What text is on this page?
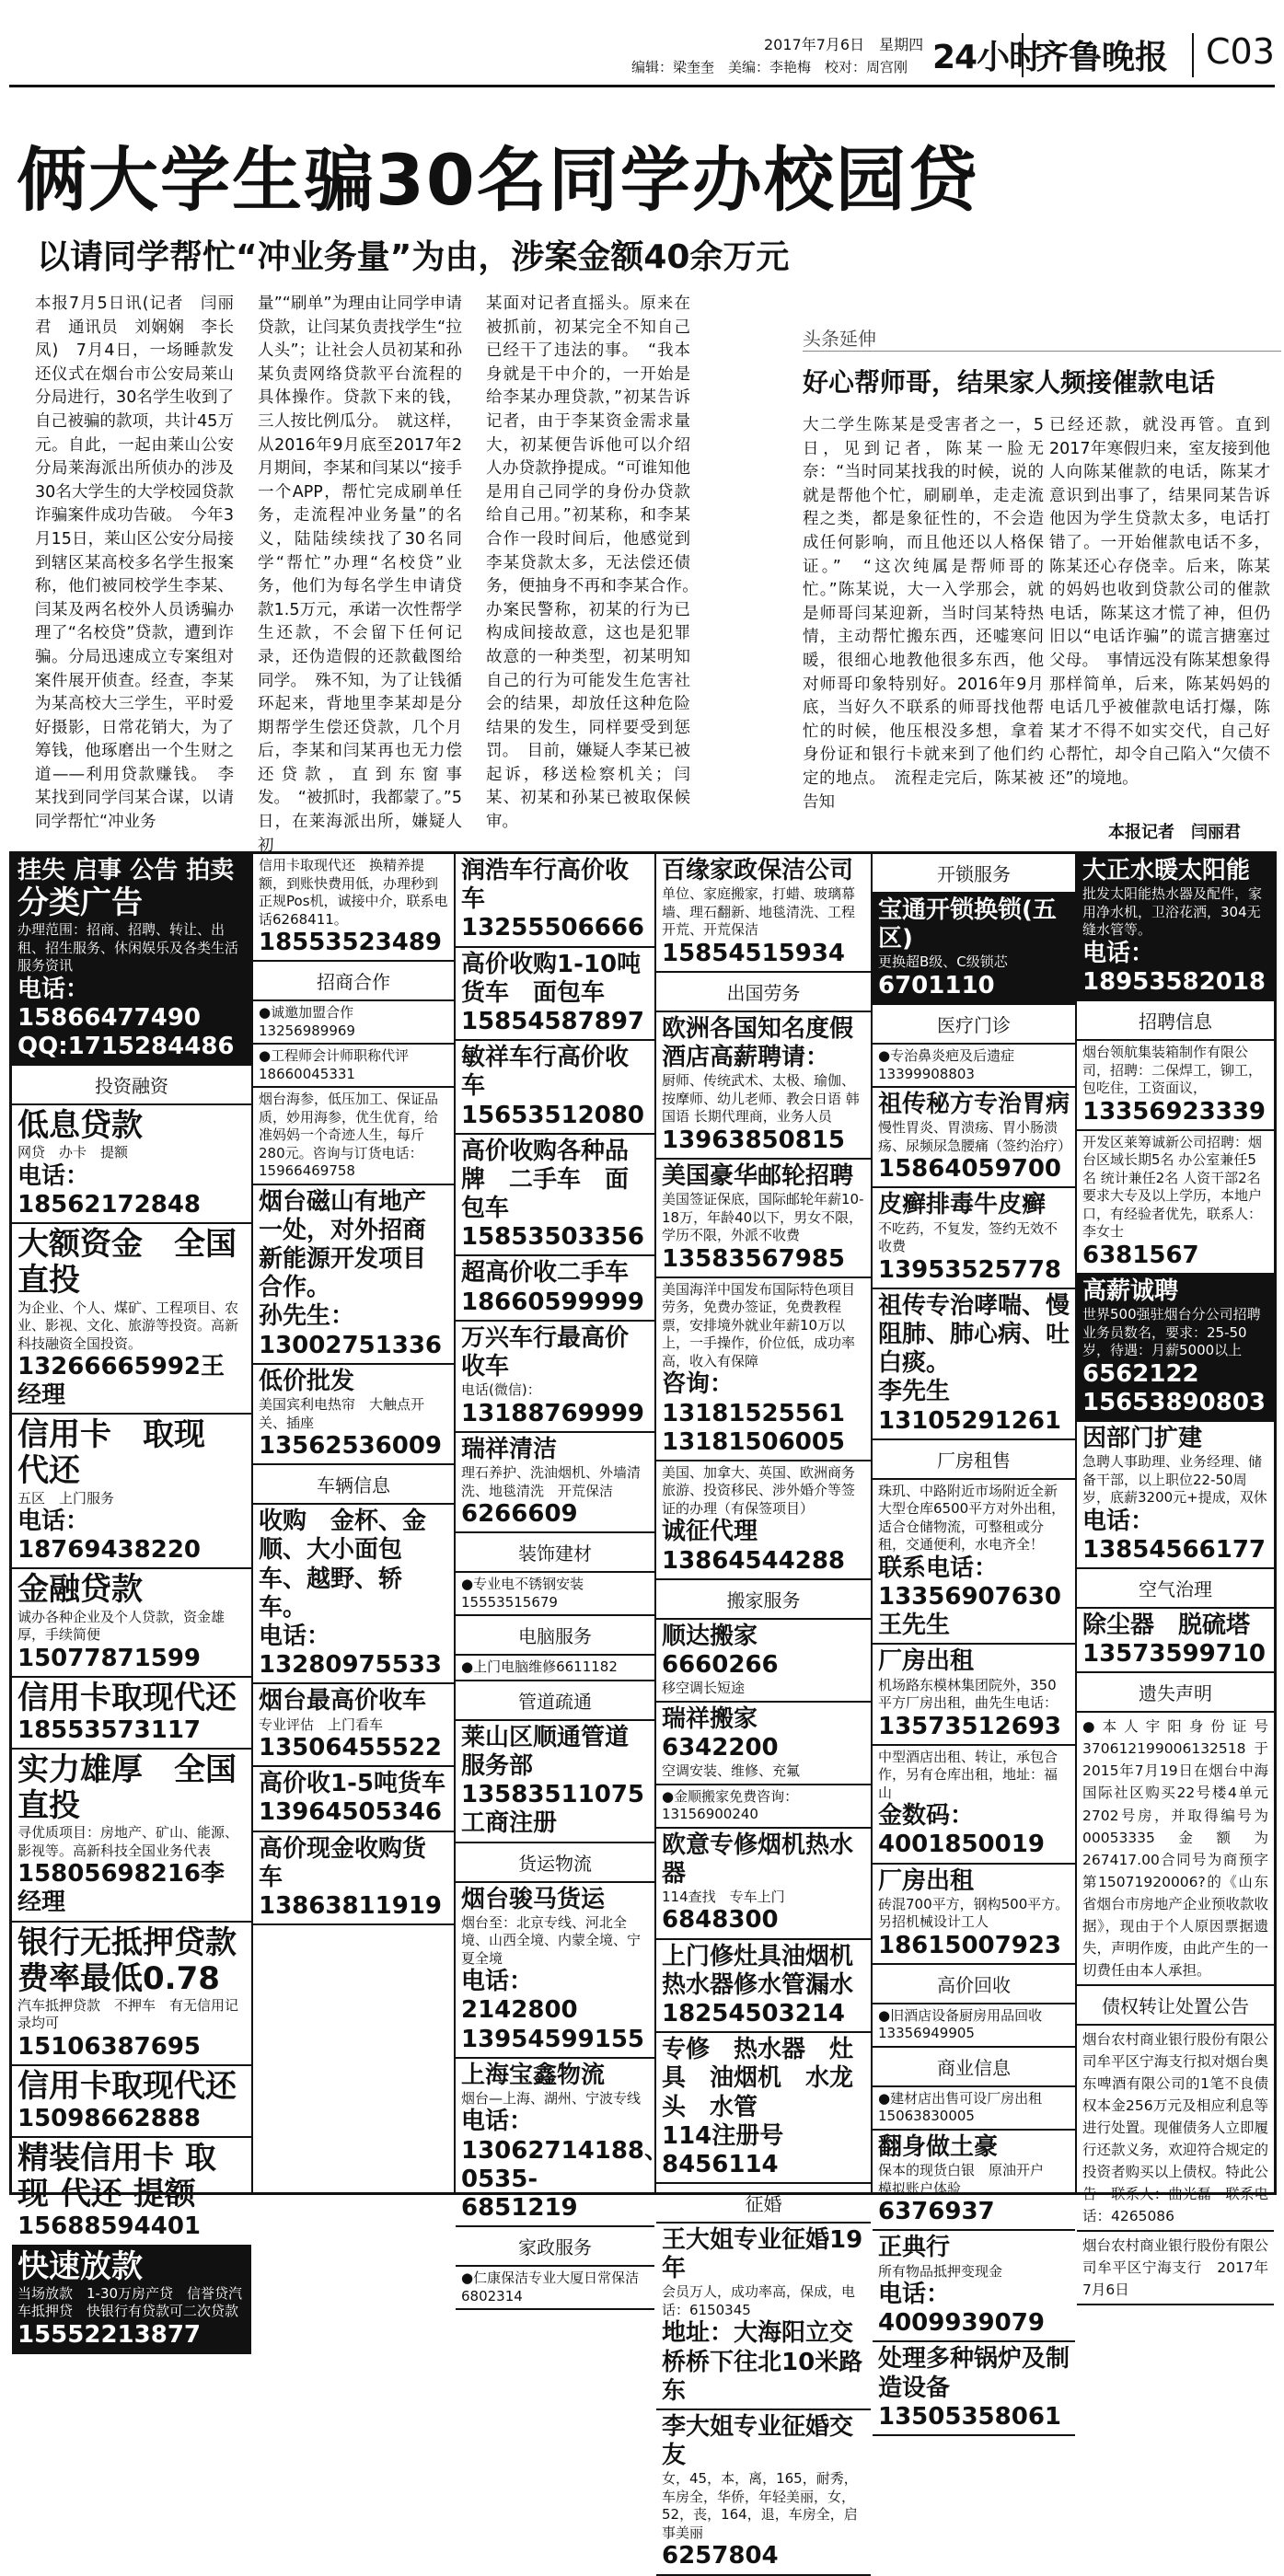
2017年7月6日　星期四
编辑：梁奎奎　美编：李艳梅　校对：周宫刚 24小时
齐鲁晚报 C03
俩大学生骗30名同学办校园贷
以请同学帮忙“冲业务量”为由，涉案金额40余万元
本报7月5日讯(记者　闫丽君　通讯员　刘娴娴　李长凤)　7月4日，一场睡款发还仪式在烟台市公安局莱山分局进行，30名学生收到了自己被骗的款项，共计45万元。自此，一起由莱山公安分局莱海派出所侦办的涉及30名大学生的大学校园贷款诈骗案件成功告破。　今年3月15日，莱山区公安分局接到辖区某高校多名学生报案称，他们被同校学生李某、闫某及两名校外人员诱骗办理了“名校贷”贷款，遭到诈骗。分局迅速成立专案组对案件展开侦查。经查，李某为某高校大三学生，平时爱好摄影，日常花销大，为了筹钱，他琢磨出一个生财之道——利用贷款赚钱。　李某找到同学闫某合谋，以请同学帮忙“冲业务
量”“刷单”为理由让同学申请贷款，让闫某负责找学生“拉人头”；让社会人员初某和孙某负责网络贷款平台流程的具体操作。贷款下来的钱，三人按比例瓜分。　就这样，从2016年9月底至2017年2月期间，李某和闫某以“接手一个APP，帮忙完成刷单任务，走流程冲业务量”的名义，陆陆续续找了30名同学“帮忙”办理“名校贷”业务，他们为每名学生申请贷款1.5万元，承诺一次性帮学生还款，不会留下任何记录，还伪造假的还款截图给同学。　殊不知，为了让钱循环起来，背地里李某却是分期帮学生偿还贷款，几个月后，李某和闫某再也无力偿还贷款，直到东窗事发。　“被抓时，我都蒙了。”5日，在莱海派出所，嫌疑人初
某面对记者直摇头。原来在被抓前，初某完全不知自己已经干了违法的事。　“我本身就是干中介的，一开始是给李某办理贷款，”初某告诉记者，由于李某资金需求量大，初某便告诉他可以介绍人办贷款挣提成。“可谁知他是用自己同学的身份办贷款给自己用。”初某称，和李某合作一段时间后，他感觉到李某贷款太多，无法偿还债务，便抽身不再和李某合作。　办案民警称，初某的行为已构成间接故意，这也是犯罪故意的一种类型，初某明知自己的行为可能发生危害社会的结果，却放任这种危险结果的发生，同样要受到惩罚。　目前，嫌疑人李某已被起诉，移送检察机关；闫某、初某和孙某已被取保候审。
头条延伸
好心帮师哥，结果家人频接催款电话
大二学生陈某是受害者之一，5日，见到记者，陈某一脸无奈：“当时同某找我的时候，说的就是帮他个忙，刷刷单，走走流程之类，都是象征性的，不会造成任何影响，而且他还以人格保证。”　“这次纯属是帮师哥的忙。”陈某说，大一入学那会，就是师哥闫某迎新，当时闫某特热情，主动帮忙搬东西，还嘘寒问暖，很细心地教他很多东西，他对师哥印象特别好。2016年9月底，当好久不联系的师哥找他帮忙的时候，他压根没多想，拿着身份证和银行卡就来到了他们约定的地点。　流程走完后，陈某被告知
已经还款，就没再管。直到2017年寒假归来，室友接到他人向陈某催款的电话，陈某才意识到出事了，结果同某告诉他因为学生贷款太多，电话打错了。一开始催款电话不多，陈某还心存侥幸。后来，陈某的妈妈也收到贷款公司的催款电话，陈某这才慌了神，但仍旧以“电话诈骗”的谎言搪塞过父母。　事情远没有陈某想象得那样简单，后来，陈某妈妈的电话几乎被催款电话打爆，陈某才不得不如实交代，自己好心帮忙，却令自己陷入“欠债不还”的境地。
本报记者　闫丽君
挂失 启事 公告 拍卖
分类广告
办理范围：招商、招聘、转让、出租、招生服务、休闲娱乐及各类生活服务资讯
电话：15866477490 QQ:1715284486
投资融资
低息贷款
网贷　办卡　提额
电话：18562172848
大额资金　全国直投
为企业、个人、煤矿、工程项目、农业、影视、文化、旅游等投资。高新科技融资全国投资。
13266665992王经理
信用卡　取现　代还
五区　上门服务
电话：18769438220
金融贷款
诚办各种企业及个人贷款，资金雄厚，手续简便
15077871599
信用卡取现代还
18553573117
实力雄厚　全国直投
寻优质项目：房地产、矿山、能源、影视等。高新科技全国业务代表
15805698216李经理
银行无抵押贷款　费率最低0.78
汽车抵押贷款　不押车　有无信用记录均可
15106387695
信用卡取现代还
15098662888
精装信用卡 取现 代还 提额
15688594401
快速放款
当场放款　1-30万房产贷　信誉贷汽车抵押贷　快银行有贷款可二次贷款
15552213877
信用卡取现代还　换精养提额，到账快费用低，办理秒到正规Pos机，诚接中介，联系电话6268411。
18553523489
招商合作
●诚邀加盟合作 13256989969
●工程师会计师职称代评18660045331
烟台海参，低压加工、保证品质，妙用海参，优生优育，给准妈妈一个奇迹人生，每斤280元。咨询与订货电话：15966469758
烟台磁山有地产一处，对外招商新能源开发项目合作。
孙先生：13002751336
低价批发
美国宾利电热帘　大触点开关、插座
13562536009
车辆信息
收购　金杯、金顺、大小面包车、越野、轿车。
电话：13280975533
烟台最高价收车
专业评估　上门看车
13506455522
高价收1-5吨货车
13964505346
高价现金收购货车
13863811919
润浩车行高价收车
13255506666
高价收购1-10吨货车　面包车
15854587897
敏祥车行高价收车
15653512080
高价收购各种品牌　二手车　面包车
15853503356
超高价收二手车
18660599999
万兴车行最高价收车
电话(微信)：
13188769999
瑞祥清洁
理石养护、洗油烟机、外墙清洗、地毯清洗　开荒保洁
6266609
装饰建材
●专业电不锈钢安装15553515679
电脑服务
●上门电脑维修6611182
管道疏通
莱山区顺通管道服务部
13583511075 工商注册
货运物流
烟台骏马货运
烟台至：北京专线、河北全境、山西全境、内蒙全境、宁夏全境
电话：2142800　13954599155
上海宝鑫物流
烟台—上海、湖州、宁波专线
电话：13062714188、0535-6851219
家政服务
●仁康保洁专业大厦日常保洁6802314
百缘家政保洁公司
单位、家庭搬家，打蜡、玻璃幕墙、理石翻新、地毯清洗、工程开荒、开荒保洁
15854515934
出国劳务
欧洲各国知名度假酒店高薪聘请：
厨师、传统武术、太极、瑜伽、按摩师、幼儿老师、教会日语 韩国语 长期代理商，业务人员
13963850815
美国豪华邮轮招聘
美国签证保底，国际邮轮年薪10-18万，年龄40以下，男女不限，学历不限，外派不收费
13583567985
美国海洋中国发布国际特色项目劳务，免费办签证，免费教程票，安排境外就业年薪10万以上，一手操作，价位低，成功率高，收入有保障
咨询：13181525561 13181506005
美国、加拿大、英国、欧洲商务旅游、投资移民、涉外婚介等签证的办理（有保签项目）
诚征代理 13864544288
搬家服务
顺达搬家 6660266
移空调长短途
瑞祥搬家 6342200
空调安装、维修、充氟
●金顺搬家免费咨询：13156900240
欧意专修烟机热水器
114查找　专车上门
6848300
上门修灶具油烟机　热水器修水管漏水
18254503214
专修　热水器　灶具　油烟机　水龙头　水管
114注册号8456114
征婚
王大姐专业征婚19年
会员万人，成功率高，保成，电话：6150345
地址：大海阳立交桥桥下往北10米路东
李大姐专业征婚交友
女，45，本，离，165，耐秀，车房全，华侨，年轻美丽，女，52，丧，164，退，车房全，启事美丽
6257804
开锁服务
宝通开锁换锁(五区)
更换超B级、C级锁芯
6701110
医疗门诊
●专治鼻炎疤及后遗症13399908803
祖传秘方专治胃病
慢性胃炎、胃溃疡、胃小肠溃疡、尿频尿急腰痛（签约治疗）
15864059700
皮癣排毒牛皮癣
不吃药，不复发，签约无效不收费
13953525778
祖传专治哮喘、慢阻肺、肺心病、吐白痰。
李先生 13105291261
厂房租售
珠玑、中路附近市场附近全新大型仓库6500平方对外出租，适合仓储物流，可整租或分租，交通便利，水电齐全！
联系电话：13356907630　王先生
厂房出租
机场路东模林集团院外，350平方厂房出租，曲先生电话：
13573512693
中型酒店出租、转让，承包合作，另有仓库出租，地址：福山
金数码：4001850019
厂房出租
砖混700平方，钢构500平方。另招机械设计工人
18615007923
高价回收
●旧酒店设备厨房用品回收13356949905
商业信息
●建材店出售可设厂房出租15063830005
翻身做土豪
保本的现货白银　原油开户　模拟账户体验
6376937
正典行
所有物品抵押变现金
电话：4009939079
处理多种锅炉及制造设备
13505358061
大正水暖太阳能
批发太阳能热水器及配件，家用净水机，卫浴花洒，304无缝水管等。
电话：18953582018
招聘信息
烟台领航集装箱制作有限公司，招聘：二保焊工，铆工，包吃住，工资面议，
13356923339
开发区莱筹诚新公司招聘：烟台区域长期5名 办公室兼任5名 统计兼任2名 人资干部2名 要求大专及以上学历，本地户口，有经验者优先，联系人：李女士
6381567
高薪诚聘
世界500强驻烟台分公司招聘业务员数名，要求：25-50岁，待遇：月薪5000以上
6562122 15653890803
因部门扩建
急聘人事助理、业务经理、储备干部，以上职位22-50周岁，底薪3200元+提成，双休
电话：13854566177
空气治理
除尘器　脱硫塔
13573599710
遗失声明
●本人宇阳身份证号370612199006132518于2015年7月19日在烟台中海国际社区购买22号楼4单元2702号房，并取得编号为00053335金额为267417.00合同号为商预字第15071920006?的《山东省烟台市房地产企业预收款收据》，现由于个人原因票据遗失，声明作废，由此产生的一切费任由本人承担。
债权转让处置公告
烟台农村商业银行股份有限公司牟平区宁海支行拟对烟台奥东啤酒有限公司的1笔不良债权本金256万元及相应利息等进行处置。现催债务人立即履行还款义务，欢迎符合规定的投资者购买以上债权。特此公告　联系人：曲光磊　联系电话：4265086
烟台农村商业银行股份有限公司牟平区宁海支行　2017年7月6日
